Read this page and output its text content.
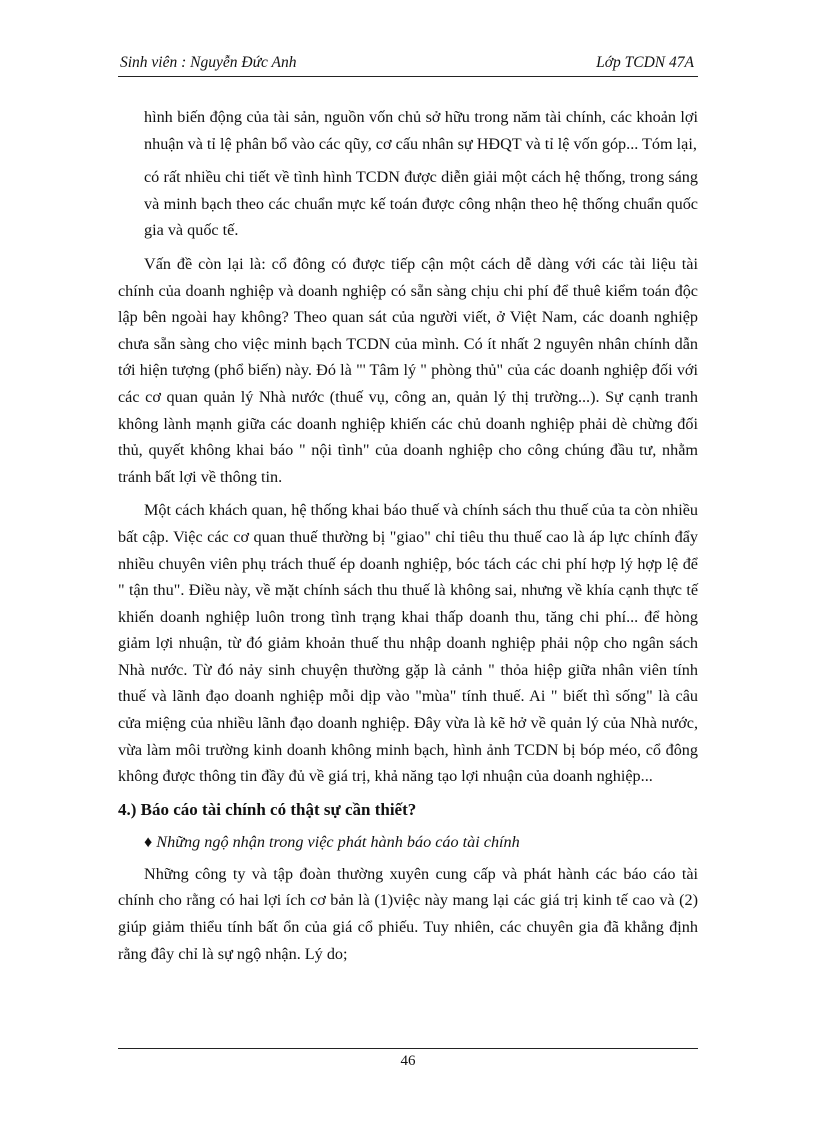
Sinh viên : Nguyễn Đức Anh	Lớp TCDN 47A

hình biến động của tài sản, nguồn vốn chủ sở hữu trong năm tài chính, các khoản lợi nhuận và tỉ lệ phân bổ vào các qũy, cơ cấu nhân sự HĐQT và tỉ lệ vốn góp... Tóm lại,

có rất nhiều chi tiết về tình hình TCDN được diễn giải một cách hệ thống, trong sáng và minh bạch theo các chuẩn mực kế toán được công nhận theo hệ thống chuẩn quốc gia và quốc tế.

Vấn đề còn lại là: cổ đông có được tiếp cận một cách dễ dàng với các tài liệu tài chính của doanh nghiệp và doanh nghiệp có sẵn sàng chịu chi phí để thuê kiểm toán độc lập bên ngoài hay không? Theo quan sát của người viết, ở Việt Nam, các doanh nghiệp chưa sẵn sàng cho việc minh bạch TCDN của mình. Có ít nhất 2 nguyên nhân chính dẫn tới hiện tượng (phổ biến) này. Đó là "' Tâm lý " phòng thủ" của các doanh nghiệp đối với các cơ quan quản lý Nhà nước (thuế vụ, công an, quản lý thị trường...). Sự cạnh tranh không lành mạnh giữa các doanh nghiệp khiến các chủ doanh nghiệp phải dè chừng đối thủ, quyết không khai báo " nội tình" của doanh nghiệp cho công chúng đầu tư, nhằm tránh bất lợi về thông tin.

Một cách khách quan, hệ thống khai báo thuế và chính sách thu thuế của ta còn nhiều bất cập. Việc các cơ quan thuế thường bị "giao" chỉ tiêu thu thuế cao là áp lực chính đẩy nhiều chuyên viên phụ trách thuế ép doanh nghiệp, bóc tách các chi phí hợp lý hợp lệ để " tận thu". Điều này, về mặt chính sách thu thuế là không sai, nhưng về khía cạnh thực tế khiến doanh nghiệp luôn trong tình trạng khai thấp doanh thu, tăng chi phí... để hòng giảm lợi nhuận, từ đó giảm khoản thuế thu nhập doanh nghiệp phải nộp cho ngân sách Nhà nước. Từ đó nảy sinh chuyện thường gặp là cảnh " thỏa hiệp giữa nhân viên tính thuế và lãnh đạo doanh nghiệp mỗi dịp vào "mùa" tính thuế. Ai " biết thì sống" là câu cửa miệng của nhiều lãnh đạo doanh nghiệp. Đây vừa là kẽ hở về quản lý của Nhà nước, vừa làm môi trường kinh doanh không minh bạch, hình ảnh TCDN bị bóp méo, cổ đông không được thông tin đầy đủ về giá trị, khả năng tạo lợi nhuận của doanh nghiệp...

4.) Báo cáo tài chính có thật sự cần thiết?
♦ Những ngộ nhận trong việc phát hành báo cáo tài chính

Những công ty và tập đoàn thường xuyên cung cấp và phát hành các báo cáo tài chính cho rằng có hai lợi ích cơ bản là (1)việc này mang lại các giá trị kinh tế cao và (2) giúp giảm thiểu tính bất ổn của giá cổ phiếu. Tuy nhiên, các chuyên gia đã khẳng định rằng đây chỉ là sự ngộ nhận. Lý do;

46
